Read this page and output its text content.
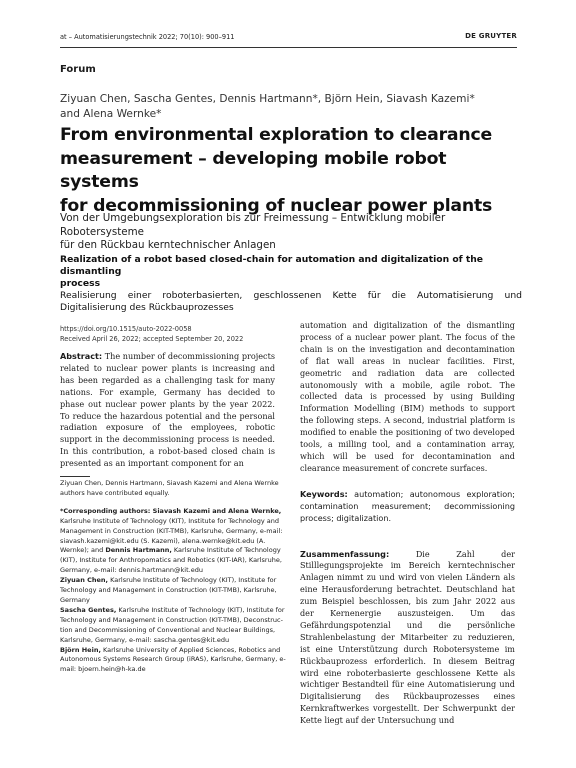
at – Automatisierungstechnik 2022; 70(10): 900–911	DE GRUYTER
Forum
Ziyuan Chen, Sascha Gentes, Dennis Hartmann*, Björn Hein, Siavash Kazemi*
and Alena Wernke*
From environmental exploration to clearance
measurement – developing mobile robot systems
for decommissioning of nuclear power plants
Von der Umgebungsexploration bis zur Freimessung – Entwicklung mobiler Robotersysteme
für den Rückbau kerntechnischer Anlagen
Realization of a robot based closed-chain for automation and digitalization of the dismantling
process
Realisierung einer roboterbasierten, geschlossenen Kette für die Automatisierung und
Digitalisierung des Rückbauprozesses
https://doi.org/10.1515/auto-2022-0058
Received April 26, 2022; accepted September 20, 2022
Abstract: The number of decommissioning projects related to nuclear power plants is increasing and has been regarded as a challenging task for many nations. For example, Germany has decided to phase out nuclear power plants by the year 2022. To reduce the hazardous potential and the personal radiation exposure of the employees, robotic support in the decommissioning process is needed. In this contribution, a robot-based closed chain is presented as an important component for an
automation and digitalization of the dismantling process of a nuclear power plant. The focus of the chain is on the investigation and decontamination of flat wall areas in nuclear facilities. First, geometric and radiation data are collected autonomously with a mobile, agile robot. The collected data is processed by using Building Information Modelling (BIM) methods to support the following steps. A second, industrial platform is modified to enable the positioning of two developed tools, a milling tool, and a contamination array, which will be used for decontamination and clearance measurement of concrete surfaces.
Keywords: automation; autonomous exploration; contamination measurement; decommissioning process; digitalization.
Zusammenfassung:	Die Zahl der Stilllegungsprojekte im Bereich kerntechnischer Anlagen nimmt zu und wird von vielen Ländern als eine Herausforderung betrachtet. Deutschland hat zum Beispiel beschlossen, bis zum Jahr 2022 aus der Kernenergie auszusteigen. Um das Gefährdungspotenzial und die persönliche Strahlenbelastung der Mitarbeiter zu reduzieren, ist eine Unterstützung durch Robotersysteme im Rückbauprozess erforderlich. In diesem Beitrag wird eine roboterbasierte geschlossene Kette als wichtiger Bestandteil für eine Automatisierung und Digitalisierung des Rückbauprozesses eines Kernkraftwerkes vorgestellt. Der Schwerpunkt der Kette liegt auf der Untersuchung und

Ziyuan Chen, Dennis Hartmann, Siavash Kazemi and Alena Wernke authors have contributed equally.

*Corresponding authors: Siavash Kazemi and Alena Wernke, Karlsruhe Institute of Technology (KIT), Institute for Technology and Management in Construction (KIT-TMB), Karlsruhe, Germany, e-mail: siavash.kazemi@kit.edu (S. Kazemi), alena.wernke@kit.edu (A. Wernke); and Dennis Hartmann, Karlsruhe Institute of Technology (KIT), Institute for Anthropomatics and Robotics (KIT-IAR), Karlsruhe, Germany, e-mail: dennis.hartmann@kit.edu

Ziyuan Chen, Karlsruhe Institute of Technology (KIT), Institute for Technology and Management in Construction (KIT-TMB), Karlsruhe, Germany

Sascha Gentes, Karlsruhe Institute of Technology (KIT), Institute for Technology and Management in Construction (KIT-TMB), Deconstruction and Decommissioning of Conventional and Nuclear Buildings, Karlsruhe, Germany, e-mail: sascha.gentes@kit.edu

Björn Hein, Karlsruhe University of Applied Sciences, Robotics and Autonomous Systems Research Group (iRAS), Karlsruhe, Germany, e-mail: bjoern.hein@h-ka.de
